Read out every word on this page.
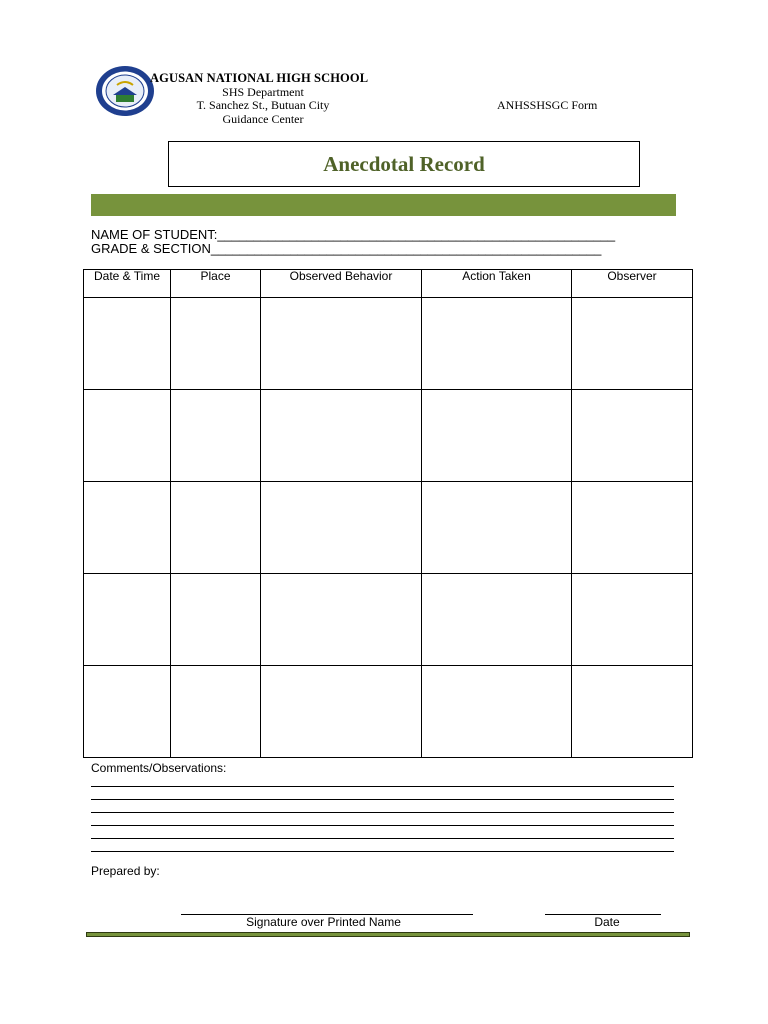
AGUSAN NATIONAL HIGH SCHOOL
SHS Department
T. Sanchez St., Butuan City
Guidance Center
ANHSSHSGC Form
Anecdotal Record
NAME OF STUDENT:_______________________________________________________
GRADE & SECTION______________________________________________________
Date & Time	Place	Observed Behavior	Action Taken	Observer

Comments/Observations:
Prepared by:
Signature over Printed Name	Date
